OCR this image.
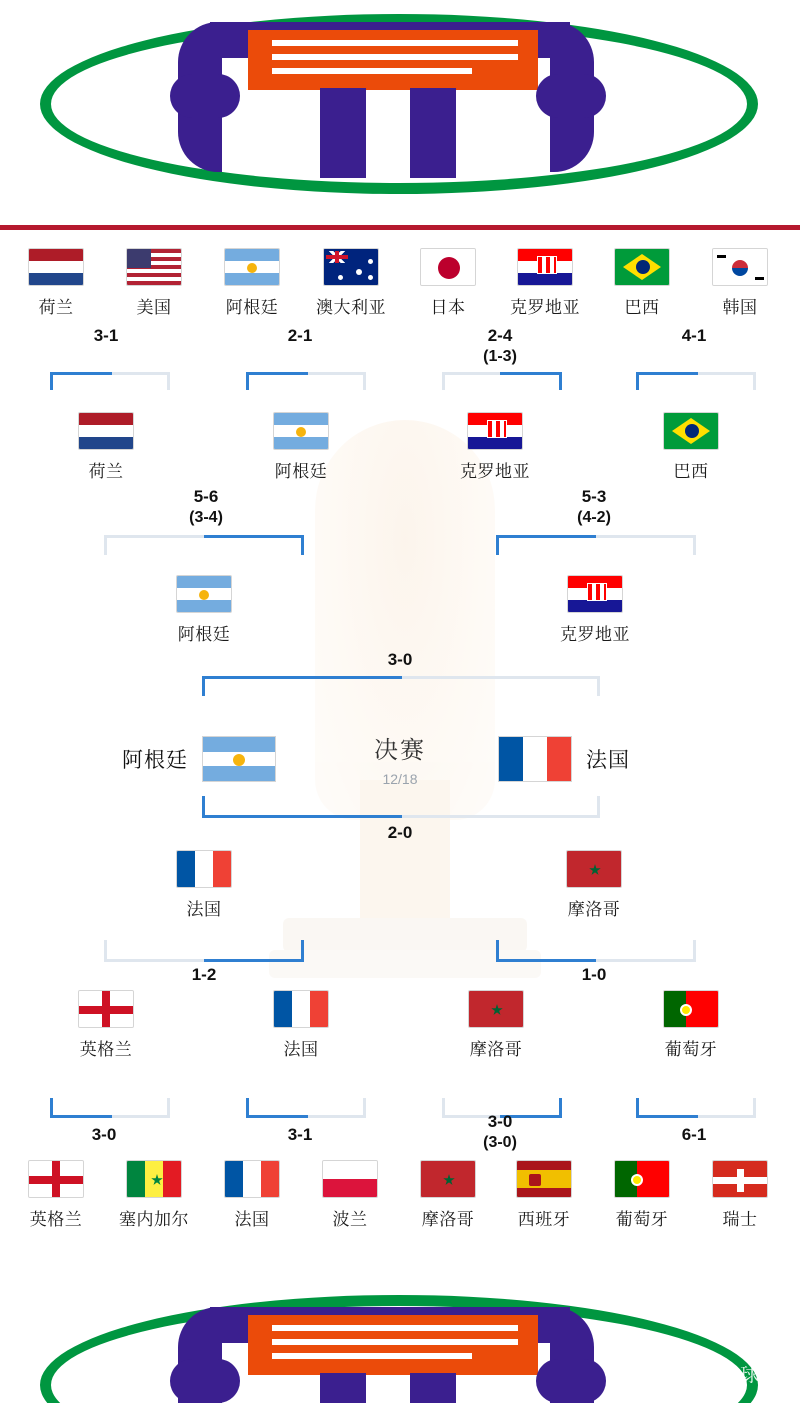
荷兰	美国	阿根廷	澳大利亚	日本	克罗地亚	巴西	韩国
3-1	2-1	2-4
(1-3)
4-1
荷兰	阿根廷	克罗地亚	巴西
5-6
(3-4)
5-3
(4-2)
阿根廷	克罗地亚
3-0
决赛
12/18
阿根廷	法国
2-0
法国	摩洛哥
1-2	1-0
英格兰	法国	摩洛哥	葡萄牙
3-0	3-1
3-0
(3-0)	6-1
英格兰	塞内加尔	法国	波兰	摩洛哥	西班牙	葡萄牙	瑞士
@小伴 足球说
